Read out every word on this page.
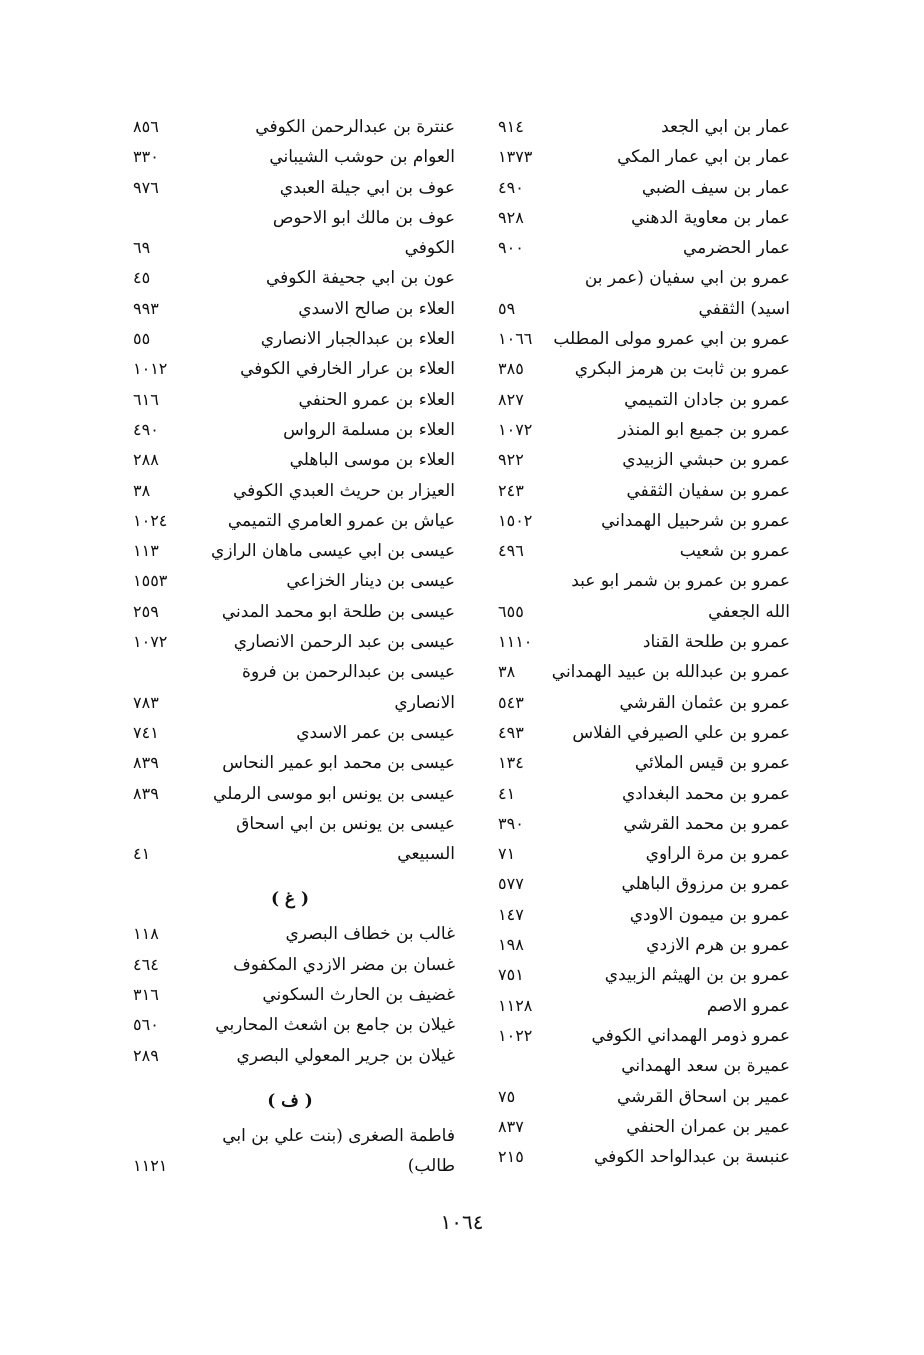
عمار بن ابي الجعد
٩١٤
عمار بن ابي عمار المكي
١٣٧٣
عمار بن سيف الضبي
٤٩٠
عمار بن معاوية الدهني
٩٢٨
عمار الحضرمي
٩٠٠
عمرو بن ابي سفيان (عمر بن
اسيد) الثقفي
٥٩
عمرو بن ابي عمرو مولى المطلب
١٠٦٦
عمرو بن ثابت بن هرمز البكري
٣٨٥
عمرو بن جادان التميمي
٨٢٧
عمرو بن جميع ابو المنذر
١٠٧٢
عمرو بن حبشي الزبيدي
٩٢٢
عمرو بن سفيان الثقفي
٢٤٣
عمرو بن شرحبيل الهمداني
١٥٠٢
عمرو بن شعيب
٤٩٦
عمرو بن عمرو بن شمر ابو عبد
الله الجعفي
٦٥٥
عمرو بن طلحة القناد
١١١٠
عمرو بن عبدالله بن عبيد الهمداني
٣٨
عمرو بن عثمان القرشي
٥٤٣
عمرو بن علي الصيرفي الفلاس
٤٩٣
عمرو بن قيس الملائي
١٣٤
عمرو بن محمد البغدادي
٤١
عمرو بن محمد القرشي
٣٩٠
عمرو بن مرة الراوي
٧١
عمرو بن مرزوق الباهلي
٥٧٧
عمرو بن ميمون الاودي
١٤٧
عمرو بن هرم الازدي
١٩٨
عمرو بن بن الهيثم الزبيدي
٧٥١
عمرو الاصم
١١٢٨
عمرو ذومر الهمداني الكوفي
١٠٢٢
عميرة بن سعد الهمداني
عمير بن اسحاق القرشي
٧٥
عمير بن عمران الحنفي
٨٣٧
عنبسة بن عبدالواحد الكوفي
٢١٥
عنترة بن عبدالرحمن الكوفي
٨٥٦
العوام بن حوشب الشيباني
٣٣٠
عوف بن ابي جيلة العبدي
٩٧٦
عوف بن مالك ابو الاحوص
الكوفي
٦٩
عون بن ابي جحيفة الكوفي
٤٥
العلاء بن صالح الاسدي
٩٩٣
العلاء بن عبدالجبار الانصاري
٥٥
العلاء بن عرار الخارفي الكوفي
١٠١٢
العلاء بن عمرو الحنفي
٦١٦
العلاء بن مسلمة الرواس
٤٩٠
العلاء بن موسى الباهلي
٢٨٨
العيزار بن حريث العبدي الكوفي
٣٨
عياش بن عمرو العامري التميمي
١٠٢٤
عيسى بن ابي عيسى ماهان الرازي
١١٣
عيسى بن دينار الخزاعي
١٥٥٣
عيسى بن طلحة ابو محمد المدني
٢٥٩
عيسى بن عبد الرحمن الانصاري
١٠٧٢
عيسى بن عبدالرحمن بن فروة
الانصاري
٧٨٣
عيسى بن عمر الاسدي
٧٤١
عيسى بن محمد ابو عمير النحاس
٨٣٩
عيسى بن يونس ابو موسى الرملي
٨٣٩
عيسى بن يونس بن ابي اسحاق
السبيعي
٤١
( غ )
غالب بن خطاف البصري
١١٨
غسان بن مضر الازدي المكفوف
٤٦٤
غضيف بن الحارث السكوني
٣١٦
غيلان بن جامع بن اشعث المحاربي
٥٦٠
غيلان بن جرير المعولي البصري
٢٨٩
( ف )
فاطمة الصغرى (بنت علي بن ابي
طالب)
١١٢١
١٠٦٤
